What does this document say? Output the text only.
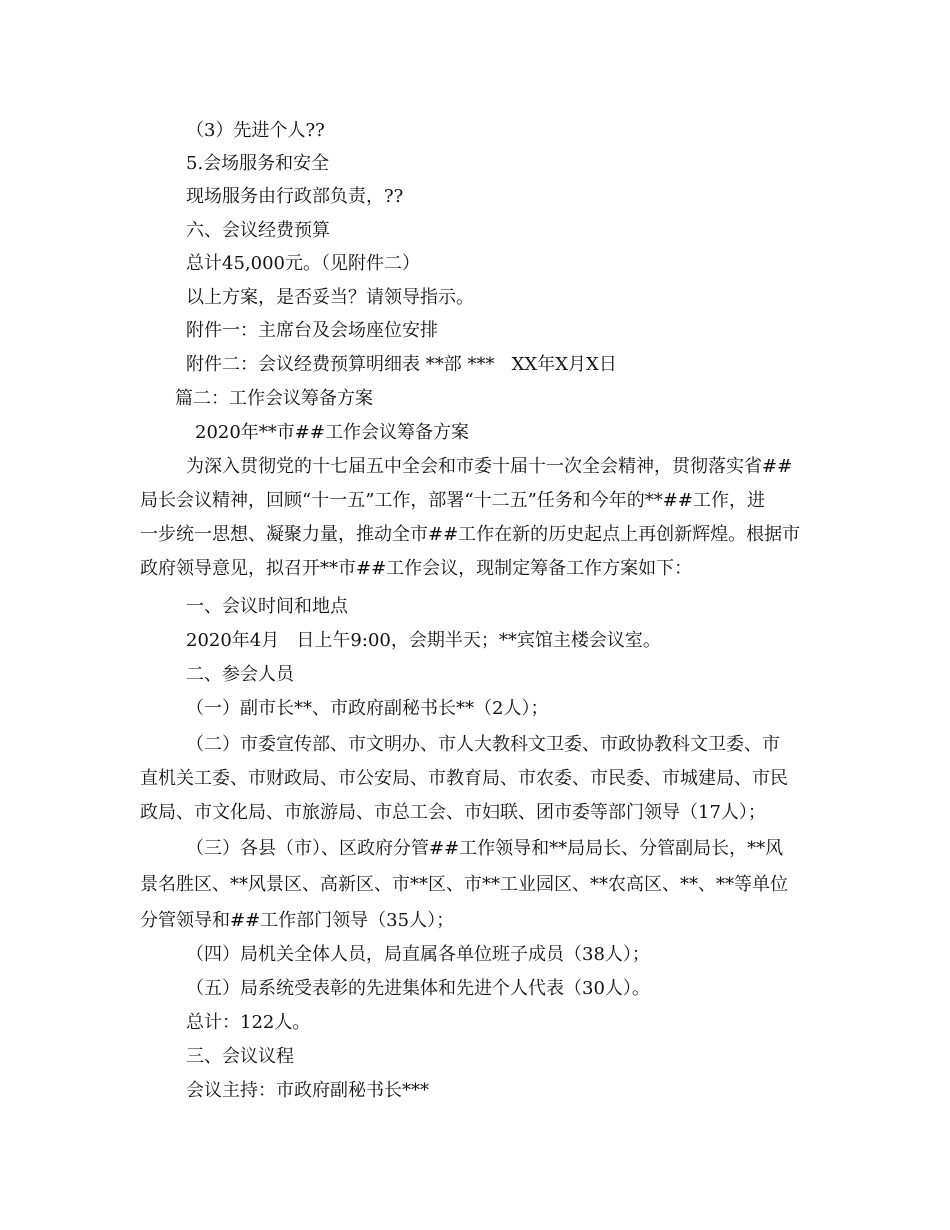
（3）先进个人??
5.会场服务和安全
现场服务由行政部负责，??
六、会议经费预算
总计45,000元。（见附件二）
以上方案，是否妥当？请领导指示。
附件一：主席台及会场座位安排
附件二：会议经费预算明细表 **部 ***   XX年X月X日
篇二：工作会议筹备方案
2020年**市##工作会议筹备方案
为深入贯彻党的十七届五中全会和市委十届十一次全会精神，贯彻落实省##
局长会议精神，回顾“十一五”工作，部署“十二五”任务和今年的**##工作，进
一步统一思想、凝聚力量，推动全市##工作在新的历史起点上再创新辉煌。根据市
政府领导意见，拟召开**市##工作会议，现制定筹备工作方案如下：
一、会议时间和地点
2020年4月   日上午9:00，会期半天；**宾馆主楼会议室。
二、参会人员
（一）副市长**、市政府副秘书长**（2人）；
（二）市委宣传部、市文明办、市人大教科文卫委、市政协教科文卫委、市
直机关工委、市财政局、市公安局、市教育局、市农委、市民委、市城建局、市民
政局、市文化局、市旅游局、市总工会、市妇联、团市委等部门领导（17人）；
（三）各县（市）、区政府分管##工作领导和**局局长、分管副局长，**风
景名胜区、**风景区、高新区、市**区、市**工业园区、**农高区、**、**等单位
分管领导和##工作部门领导（35人）；
（四）局机关全体人员，局直属各单位班子成员（38人）；
（五）局系统受表彰的先进集体和先进个人代表（30人）。
总计：122人。
三、会议议程
会议主持：市政府副秘书长***
